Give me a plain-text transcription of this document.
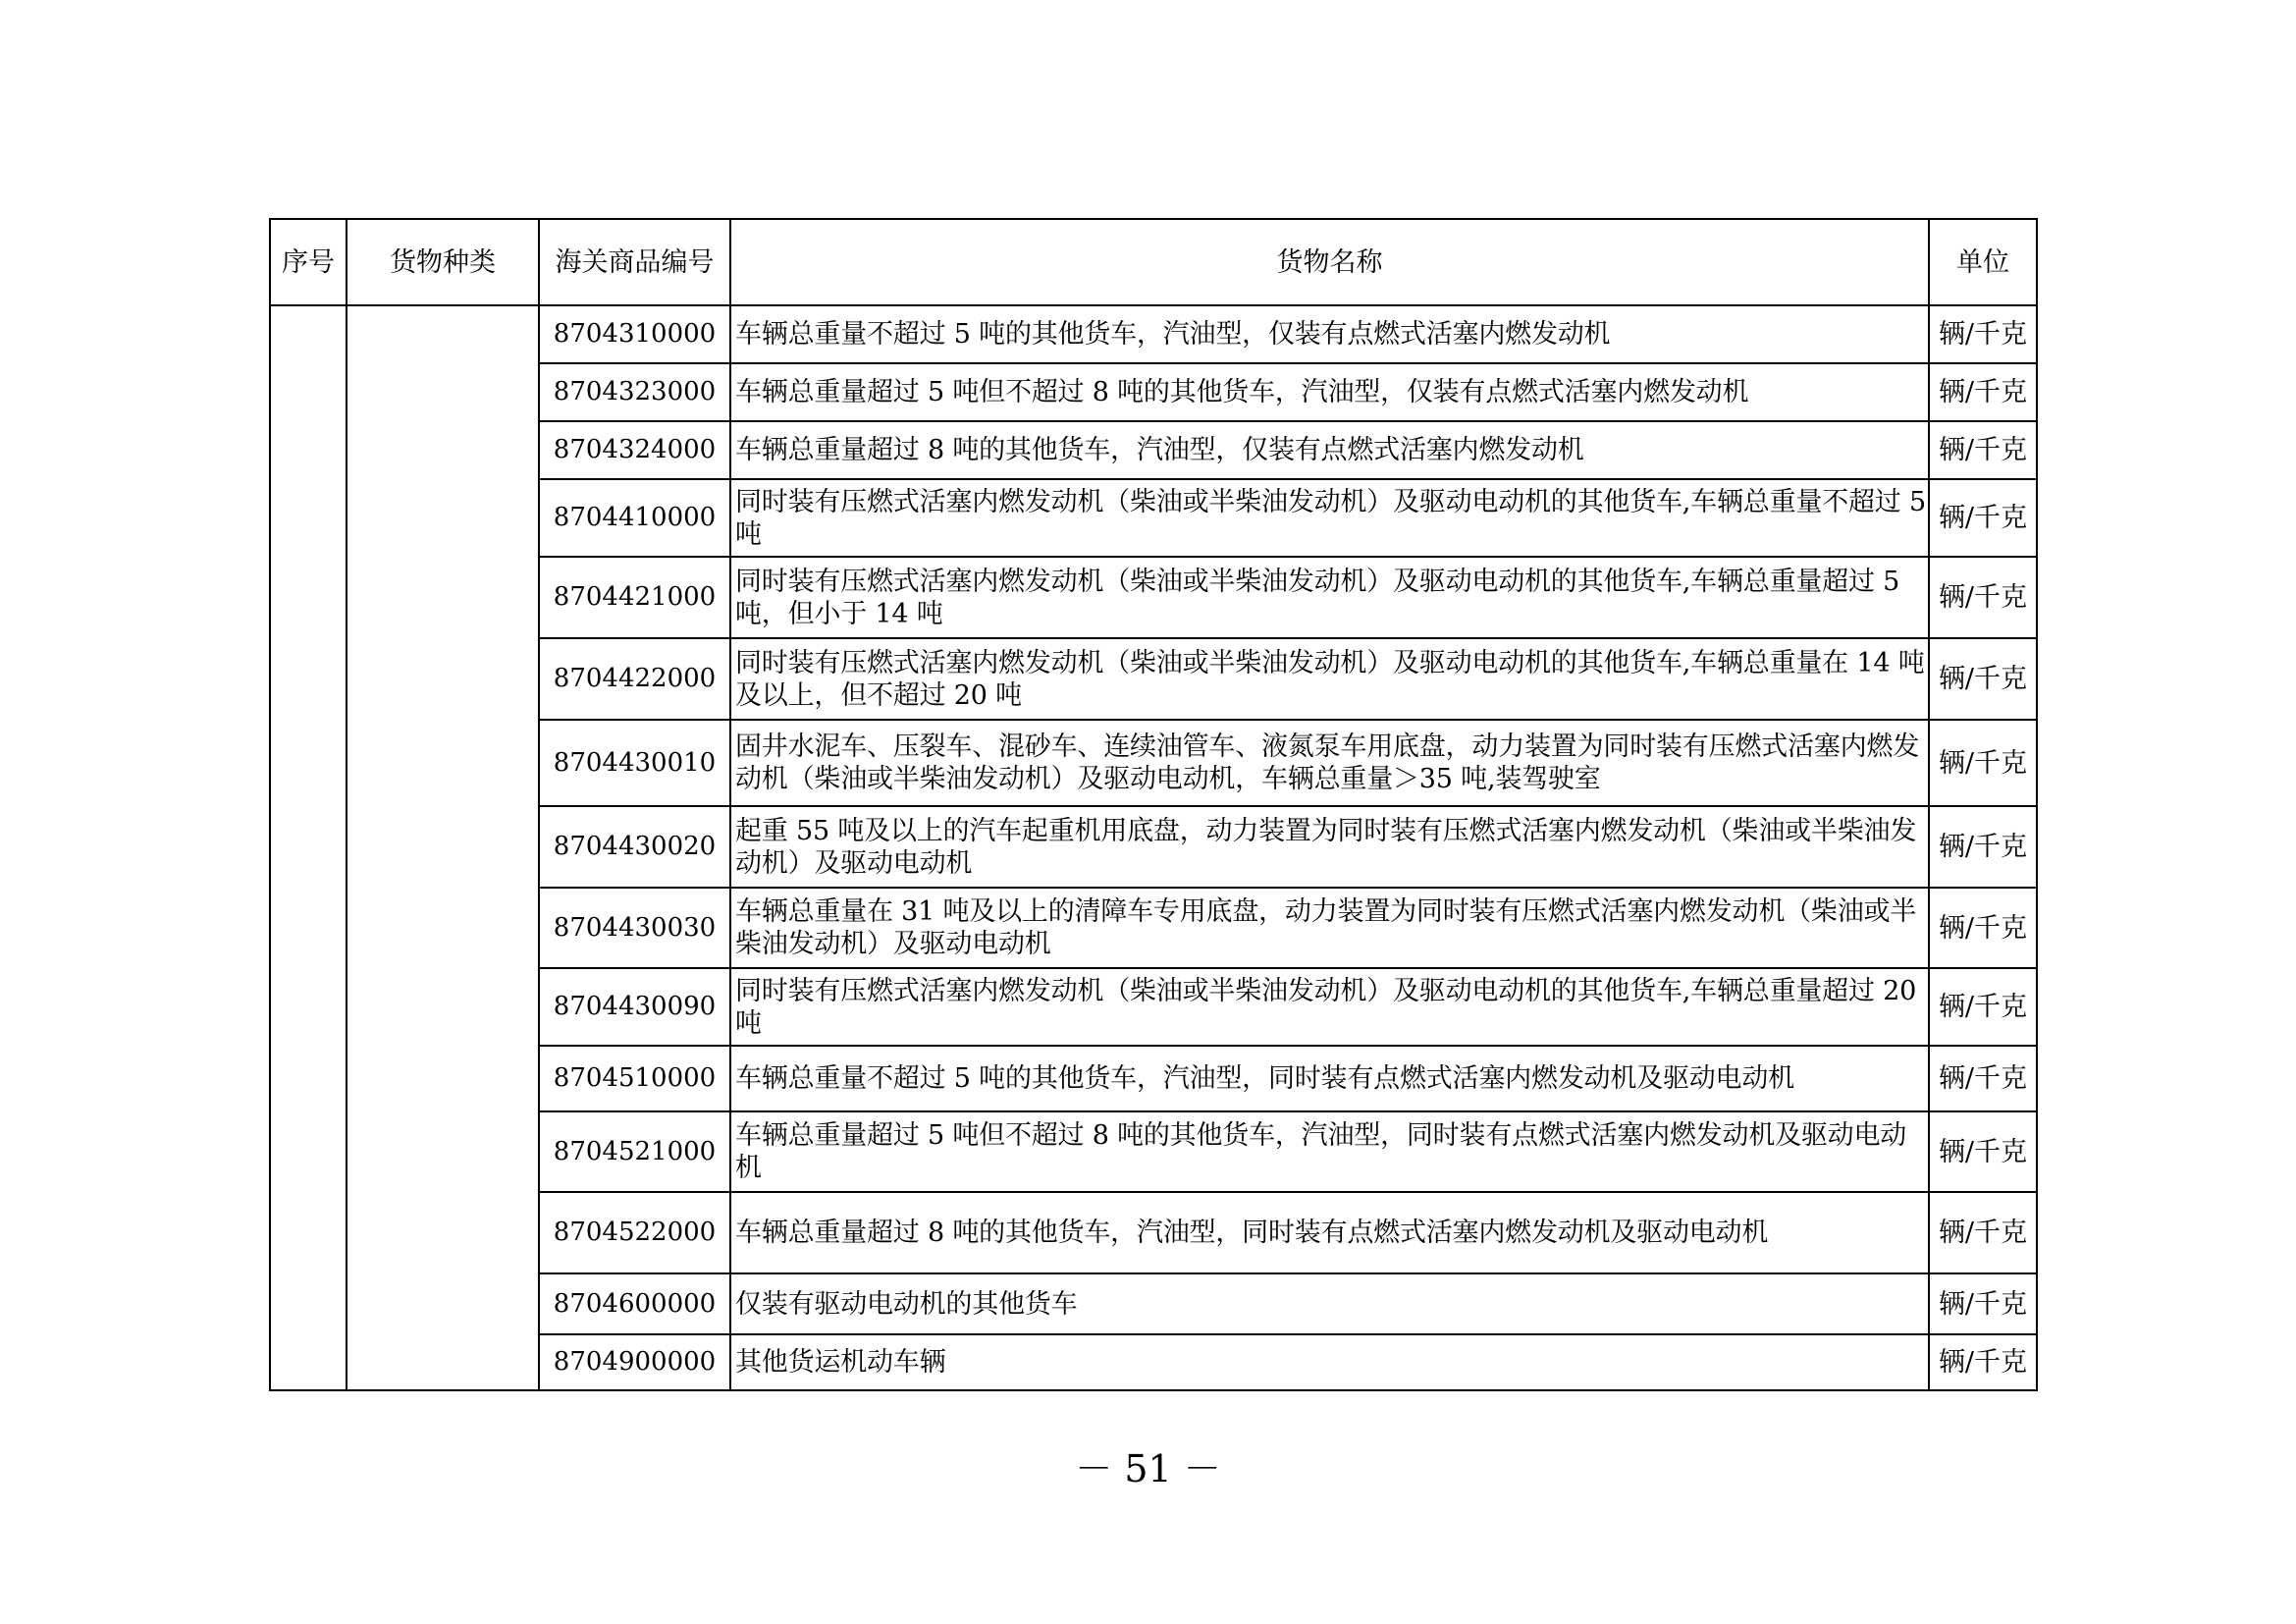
序号	货物种类	海关商品编号	货物名称	单位
		8704310000	车辆总重量不超过 5 吨的其他货车，汽油型，仅装有点燃式活塞内燃发动机	辆/千克
		8704323000	车辆总重量超过 5 吨但不超过 8 吨的其他货车，汽油型，仅装有点燃式活塞内燃发动机	辆/千克
		8704324000	车辆总重量超过 8 吨的其他货车，汽油型，仅装有点燃式活塞内燃发动机	辆/千克
		8704410000	同时装有压燃式活塞内燃发动机（柴油或半柴油发动机）及驱动电动机的其他货车,车辆总重量不超过 5 吨	辆/千克
		8704421000	同时装有压燃式活塞内燃发动机（柴油或半柴油发动机）及驱动电动机的其他货车,车辆总重量超过 5 吨，但小于 14 吨	辆/千克
		8704422000	同时装有压燃式活塞内燃发动机（柴油或半柴油发动机）及驱动电动机的其他货车,车辆总重量在 14 吨及以上，但不超过 20 吨	辆/千克
		8704430010	固井水泥车、压裂车、混砂车、连续油管车、液氮泵车用底盘，动力装置为同时装有压燃式活塞内燃发动机（柴油或半柴油发动机）及驱动电动机，车辆总重量＞35 吨,装驾驶室	辆/千克
		8704430020	起重 55 吨及以上的汽车起重机用底盘，动力装置为同时装有压燃式活塞内燃发动机（柴油或半柴油发动机）及驱动电动机	辆/千克
		8704430030	车辆总重量在 31 吨及以上的清障车专用底盘，动力装置为同时装有压燃式活塞内燃发动机（柴油或半柴油发动机）及驱动电动机	辆/千克
		8704430090	同时装有压燃式活塞内燃发动机（柴油或半柴油发动机）及驱动电动机的其他货车,车辆总重量超过 20 吨	辆/千克
		8704510000	车辆总重量不超过 5 吨的其他货车，汽油型，同时装有点燃式活塞内燃发动机及驱动电动机	辆/千克
		8704521000	车辆总重量超过 5 吨但不超过 8 吨的其他货车，汽油型，同时装有点燃式活塞内燃发动机及驱动电动机	辆/千克
		8704522000	车辆总重量超过 8 吨的其他货车，汽油型，同时装有点燃式活塞内燃发动机及驱动电动机	辆/千克
		8704600000	仅装有驱动电动机的其他货车	辆/千克
		8704900000	其他货运机动车辆	辆/千克
－ 51 －
